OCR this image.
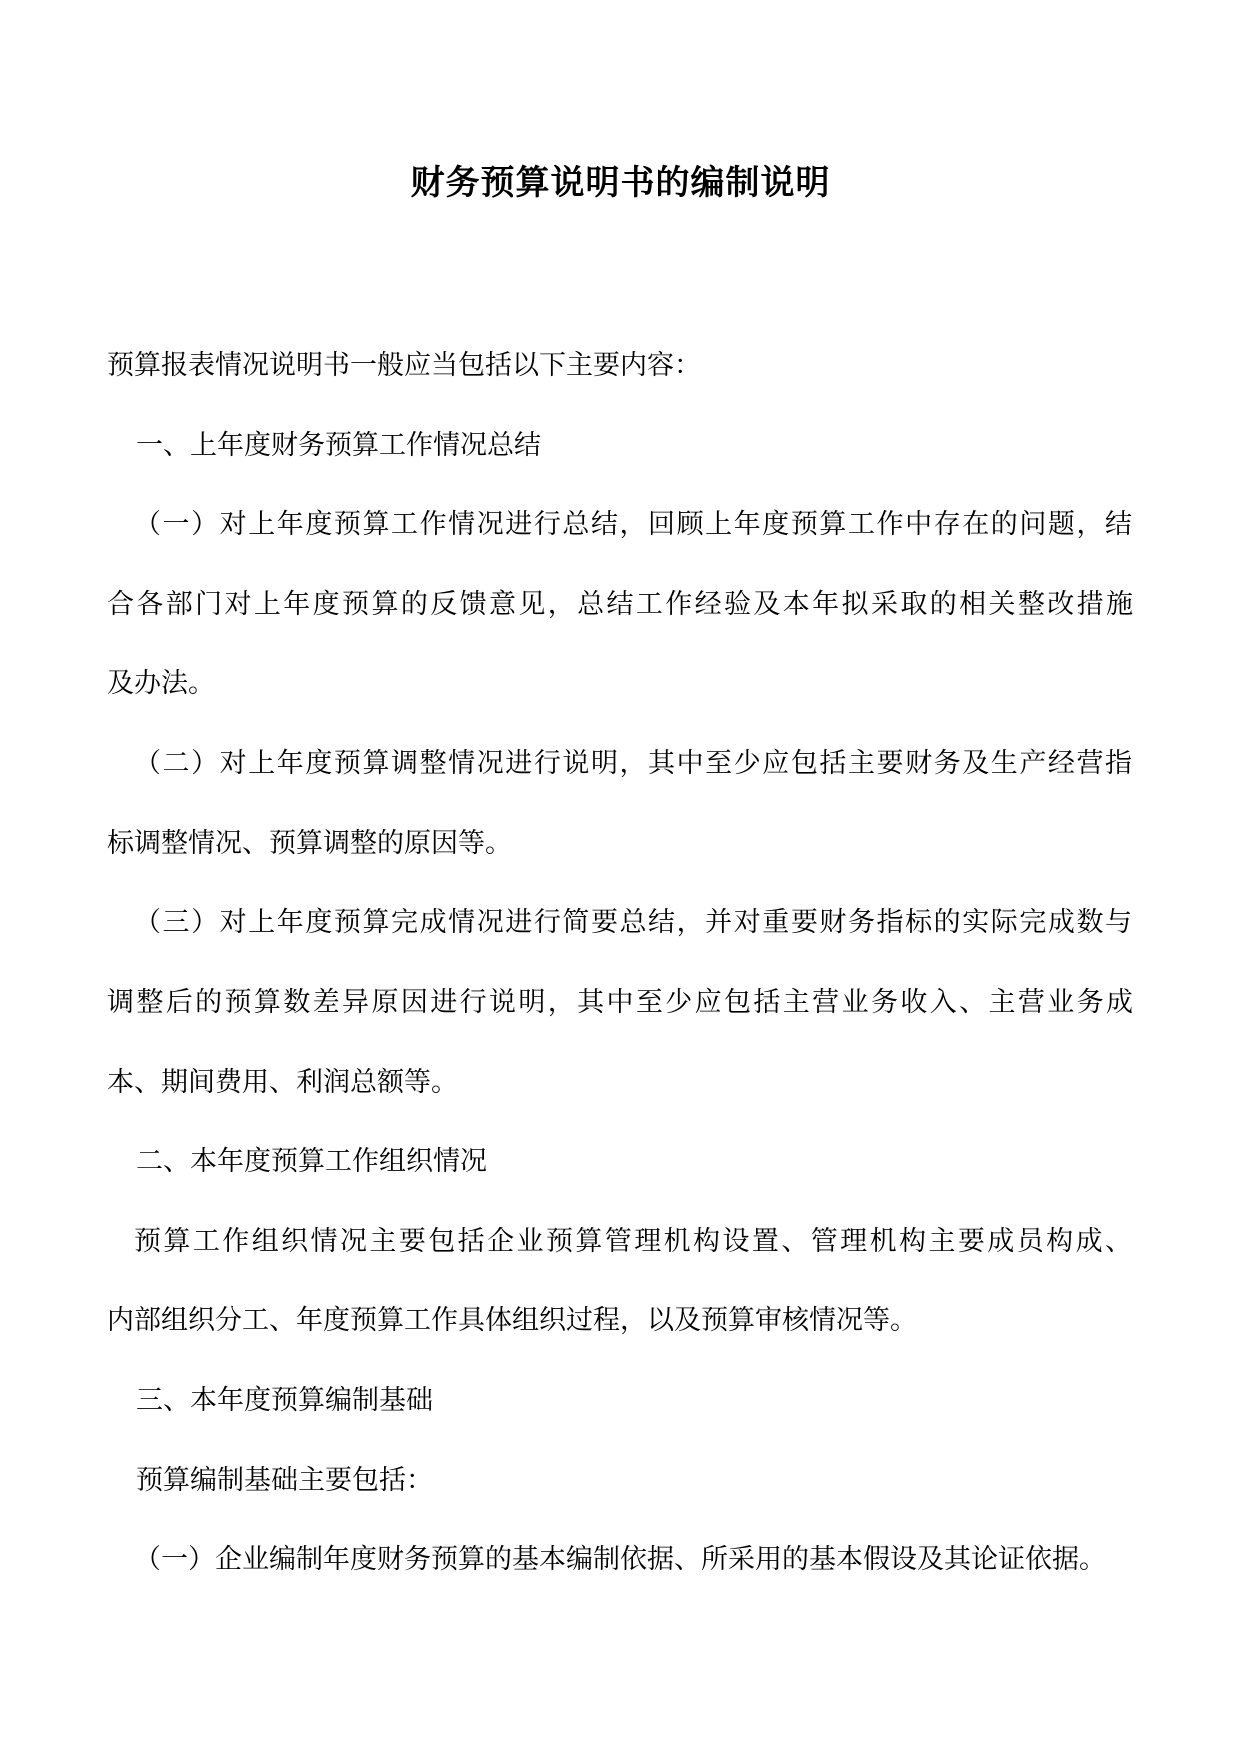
财务预算说明书的编制说明
预算报表情况说明书一般应当包括以下主要内容：
一、上年度财务预算工作情况总结
（一）对上年度预算工作情况进行总结，回顾上年度预算工作中存在的问题，结
合各部门对上年度预算的反馈意见，总结工作经验及本年拟采取的相关整改措施
及办法。
（二）对上年度预算调整情况进行说明，其中至少应包括主要财务及生产经营指
标调整情况、预算调整的原因等。
（三）对上年度预算完成情况进行简要总结，并对重要财务指标的实际完成数与
调整后的预算数差异原因进行说明，其中至少应包括主营业务收入、主营业务成
本、期间费用、利润总额等。
二、本年度预算工作组织情况
预算工作组织情况主要包括企业预算管理机构设置、管理机构主要成员构成、
内部组织分工、年度预算工作具体组织过程，以及预算审核情况等。
三、本年度预算编制基础
预算编制基础主要包括：
（一）企业编制年度财务预算的基本编制依据、所采用的基本假设及其论证依据。
